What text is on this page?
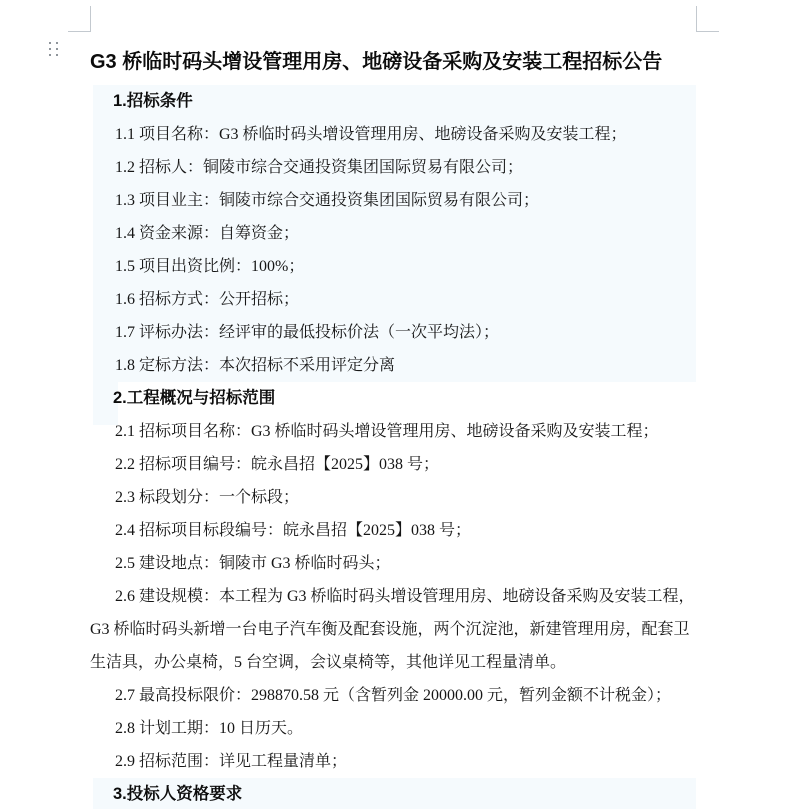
G3 桥临时码头增设管理用房、地磅设备采购及安装工程招标公告
1.招标条件
1.1 项目名称：G3 桥临时码头增设管理用房、地磅设备采购及安装工程；
1.2 招标人：铜陵市综合交通投资集团国际贸易有限公司；
1.3 项目业主：铜陵市综合交通投资集团国际贸易有限公司；
1.4 资金来源：自筹资金；
1.5 项目出资比例：100%；
1.6 招标方式：公开招标；
1.7 评标办法：经评审的最低投标价法（一次平均法）；
1.8 定标方法：本次招标不采用评定分离
2.工程概况与招标范围
2.1 招标项目名称：G3 桥临时码头增设管理用房、地磅设备采购及安装工程；
2.2 招标项目编号：皖永昌招【2025】038 号；
2.3 标段划分：一个标段；
2.4 招标项目标段编号：皖永昌招【2025】038 号；
2.5 建设地点：铜陵市 G3 桥临时码头；
2.6 建设规模：本工程为 G3 桥临时码头增设管理用房、地磅设备采购及安装工程，
G3 桥临时码头新增一台电子汽车衡及配套设施，两个沉淀池，新建管理用房，配套卫
生洁具，办公桌椅，5 台空调，会议桌椅等，其他详见工程量清单。
2.7 最高投标限价：298870.58 元（含暂列金 20000.00 元，暂列金额不计税金）；
2.8 计划工期：10 日历天。
2.9 招标范围：详见工程量清单；
3.投标人资格要求
